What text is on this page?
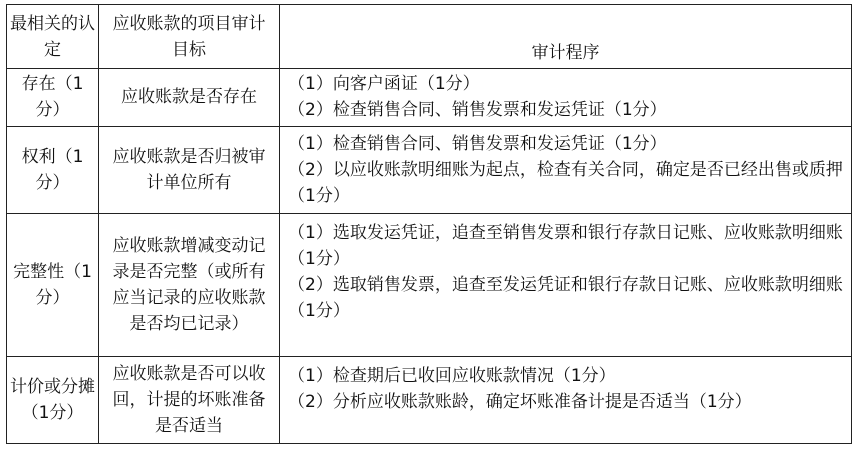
最相关的认定	应收账款的项目审计目标	审计程序
存在（1分）	应收账款是否存在	（1）向客户函证（1分）
（2）检查销售合同、销售发票和发运凭证（1分）

权利（1分）	应收账款是否归被审计单位所有	（1）检查销售合同、销售发票和发运凭证（1分）
（2）以应收账款明细账为起点，检查有关合同，确定是否已经出售或质押（1分）

完整性（1分）	应收账款增减变动记录是否完整（或所有应当记录的应收账款是否均已记录）	（1）选取发运凭证，追查至销售发票和银行存款日记账、应收账款明细账（1分）
（2）选取销售发票，追查至发运凭证和银行存款日记账、应收账款明细账（1分）

计价或分摊（1分）	应收账款是否可以收回，计提的坏账准备是否适当	（1）检查期后已收回应收账款情况（1分）
（2）分析应收账款账龄，确定坏账准备计提是否适当（1分）
